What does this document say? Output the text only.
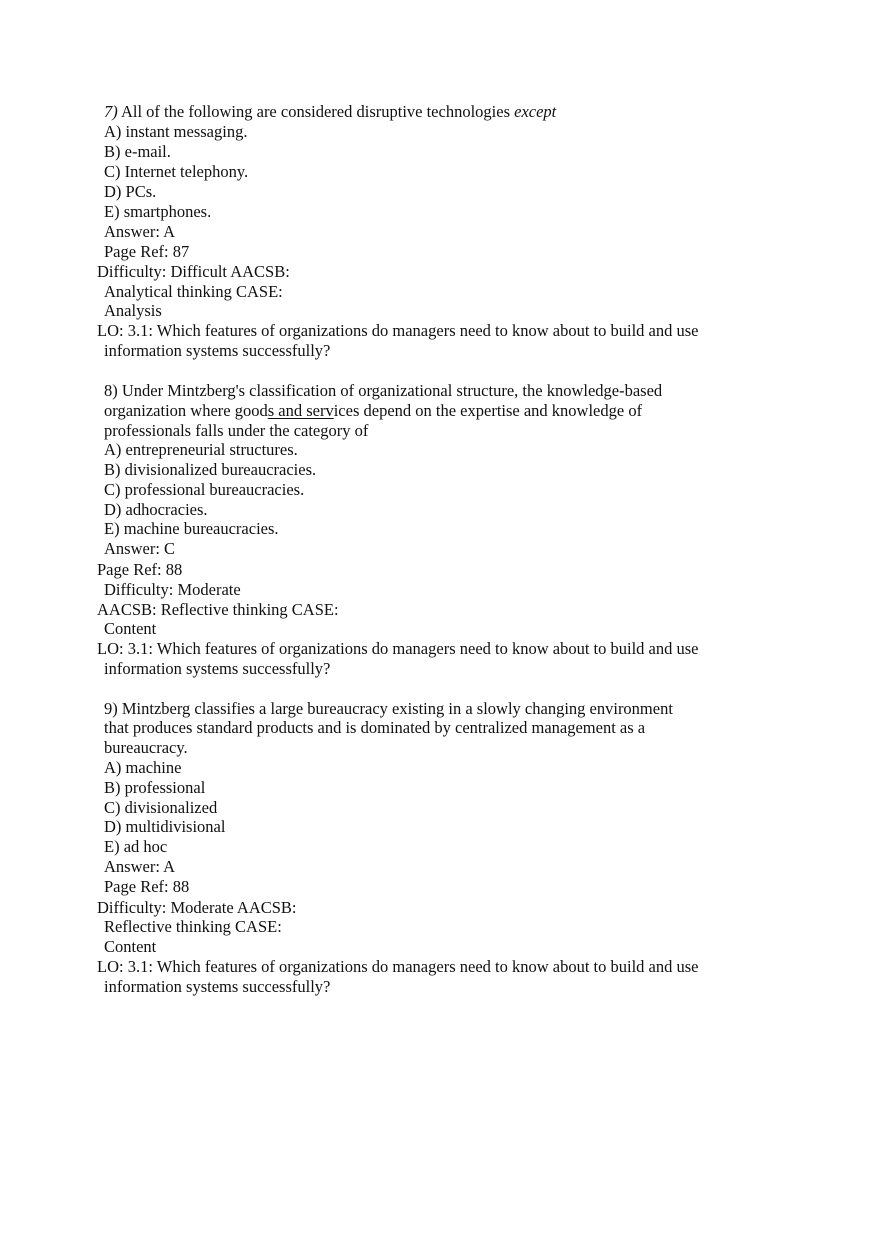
7) All of the following are considered disruptive technologies except
A) instant messaging.
B) e-mail.
C) Internet telephony.
D) PCs.
E) smartphones.
Answer: A
Page Ref: 87
Difficulty: Difficult AACSB:
Analytical thinking CASE:
Analysis
LO: 3.1: Which features of organizations do managers need to know about to build and use
information systems successfully?
8) Under Mintzberg's classification of organizational structure, the knowledge-based
organization where goods and services depend on the expertise and knowledge of
professionals falls under the category of
A) entrepreneurial structures.
B) divisionalized bureaucracies.
C) professional bureaucracies.
D) adhocracies.
E) machine bureaucracies.
Answer: C
Page Ref: 88
Difficulty: Moderate
AACSB: Reflective thinking CASE:
Content
LO: 3.1: Which features of organizations do managers need to know about to build and use
information systems successfully?
9) Mintzberg classifies a large bureaucracy existing in a slowly changing environment
that produces standard products and is dominated by centralized management as a
bureaucracy.
A) machine
B) professional
C) divisionalized
D) multidivisional
E) ad hoc
Answer: A
Page Ref: 88
Difficulty: Moderate AACSB:
Reflective thinking CASE:
Content
LO: 3.1: Which features of organizations do managers need to know about to build and use
information systems successfully?
